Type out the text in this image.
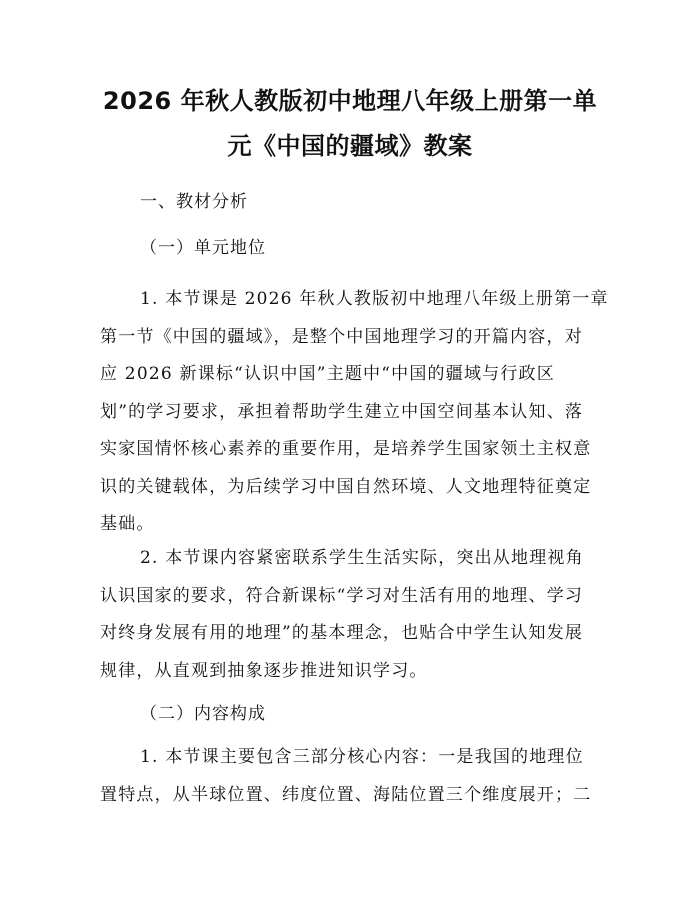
2026 年秋人教版初中地理八年级上册第一单
元《中国的疆域》教案

一、教材分析

（一）单元地位

1. 本节课是 2026 年秋人教版初中地理八年级上册第一章
第一节《中国的疆域》，是整个中国地理学习的开篇内容，对
应 2026 新课标“认识中国”主题中“中国的疆域与行政区
划”的学习要求，承担着帮助学生建立中国空间基本认知、落
实家国情怀核心素养的重要作用，是培养学生国家领土主权意
识的关键载体，为后续学习中国自然环境、人文地理特征奠定
基础。
2. 本节课内容紧密联系学生生活实际，突出从地理视角
认识国家的要求，符合新课标“学习对生活有用的地理、学习
对终身发展有用的地理”的基本理念，也贴合中学生认知发展
规律，从直观到抽象逐步推进知识学习。

（二）内容构成

1. 本节课主要包含三部分核心内容：一是我国的地理位
置特点，从半球位置、纬度位置、海陆位置三个维度展开；二
